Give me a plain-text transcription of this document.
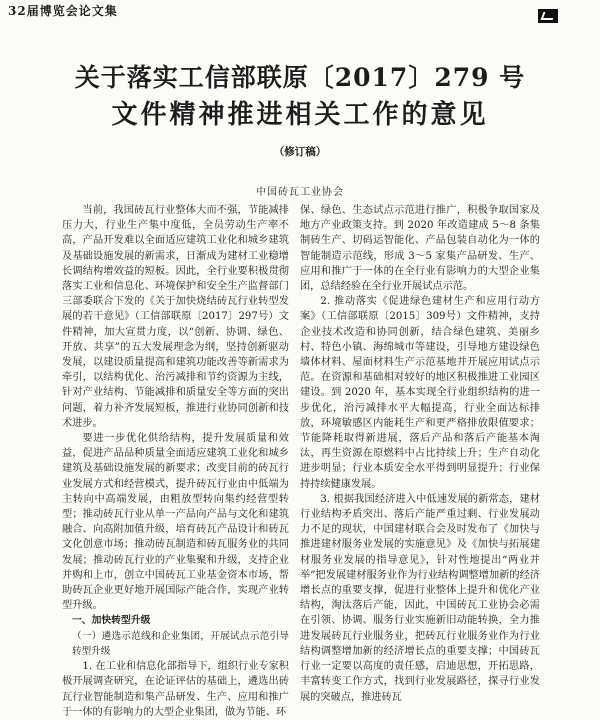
32届博览会论文集
关于落实工信部联原〔2017〕279 号
文件精神推进相关工作的意见
（修订稿）
中国砖瓦工业协会

当前，我国砖瓦行业整体大而不强，节能减排压力大，行业生产集中度低，全员劳动生产率不高，产品开发难以全面适应建筑工业化和城乡建筑及基础设施发展的新需求，日渐成为建材工业稳增长调结构增效益的短板。因此，全行业要积极贯彻落实工业和信息化、环境保护和安全生产监督部门三部委联合下发的《关于加快烧结砖瓦行业转型发展的若干意见》（工信部联原〔2017〕297号）文件精神，加大宣贯力度，以“创新、协调、绿色、开放、共享”的五大发展理念为纲，坚持创新驱动发展，以建设质量提高和建筑功能改善等新需求为牵引，以结构优化、治污减排和节约资源为主线，针对产业结构、节能减排和质量安全等方面的突出问题，着力补齐发展短板，推进行业协同创新和技术进步。

要进一步优化供给结构，提升发展质量和效益，促进产品品种质量全面适应建筑工业化和城乡建筑及基础设施发展的新要求；改变目前的砖瓦行业发展方式和经营模式，提升砖瓦行业由中低端为主转向中高端发展，由粗放型转向集约经营型转型；推动砖瓦行业从单一产品向产品与文化和建筑融合、向高附加值升级，培育砖瓦产品设计和砖瓦文化创意市场；推动砖瓦制造和砖瓦服务业的共同发展；推动砖瓦行业的产业集聚和升级，支持企业并购和上市，创立中国砖瓦工业基金资本市场，帮助砖瓦企业更好地开展国际产能合作，实现产业转型升级。

一、加快转型升级

（一）遴选示范线和企业集团，开展试点示范引导转型升级

1. 在工业和信息化部指导下，组织行业专家积极开展调查研究，在论证评估的基础上，遴选出砖瓦行业智能制造和集产品研发、生产、应用和推广于一体的有影响力的大型企业集团，做为节能、环

保、绿色、生态试点示范进行推广，积极争取国家及地方产业政策支持。到 2020 年改造建成 5～8 条集制砖生产、切码运智能化、产品包装自动化为一体的智能制造示范线，形成 3～5 家集产品研发、生产、应用和推广于一体的在全行业有影响力的大型企业集团，总结经验在全行业开展试点示范。

2. 推动落实《促进绿色建材生产和应用行动方案》（工信部联原〔2015〕309号）文件精神，支持企业技术改造和协同创新，结合绿色建筑、美丽乡村、特色小镇、海绵城市等建设，引导地方建设绿色墙体材料、屋面材料生产示范基地并开展应用试点示范。在资源和基础相对较好的地区积极推进工业园区建设。到 2020 年，基本实现全行业组织结构的进一步优化，治污减排水平大幅提高，行业全面达标排放，环境敏感区内能耗生产和更严格排放限值要求；节能降耗取得新进展，落后产品和落后产能基本淘汰，再生资源在原燃料中占比持续上升；生产自动化进步明显；行业本质安全水平得到明显提升；行业保持持续健康发展。

3. 根据我国经济进入中低速发展的新常态，建材行业结构矛盾突出、落后产能严重过剩、行业发展动力不足的现状，中国建材联合会及时发布了《加快与推进建材服务业发展的实施意见》及《加快与拓展建材服务业发展的指导意见》，针对性地提出“两业并举”把发展建材服务业作为行业结构调整增加新的经济增长点的重要支撑，促进行业整体上提升和优化产业结构，淘汰落后产能，因此，中国砖瓦工业协会必需在引领、协调、服务行业实施新旧动能转换，全力推进发展砖瓦行业服务业，把砖瓦行业服务业作为行业结构调整增加新的经济增长点的重要支撑；中国砖瓦行业一定要以高度的责任感，启迪思想，开拓思路，丰富转变工作方式，找到行业发展路径，探寻行业发展的突破点，推进砖瓦
